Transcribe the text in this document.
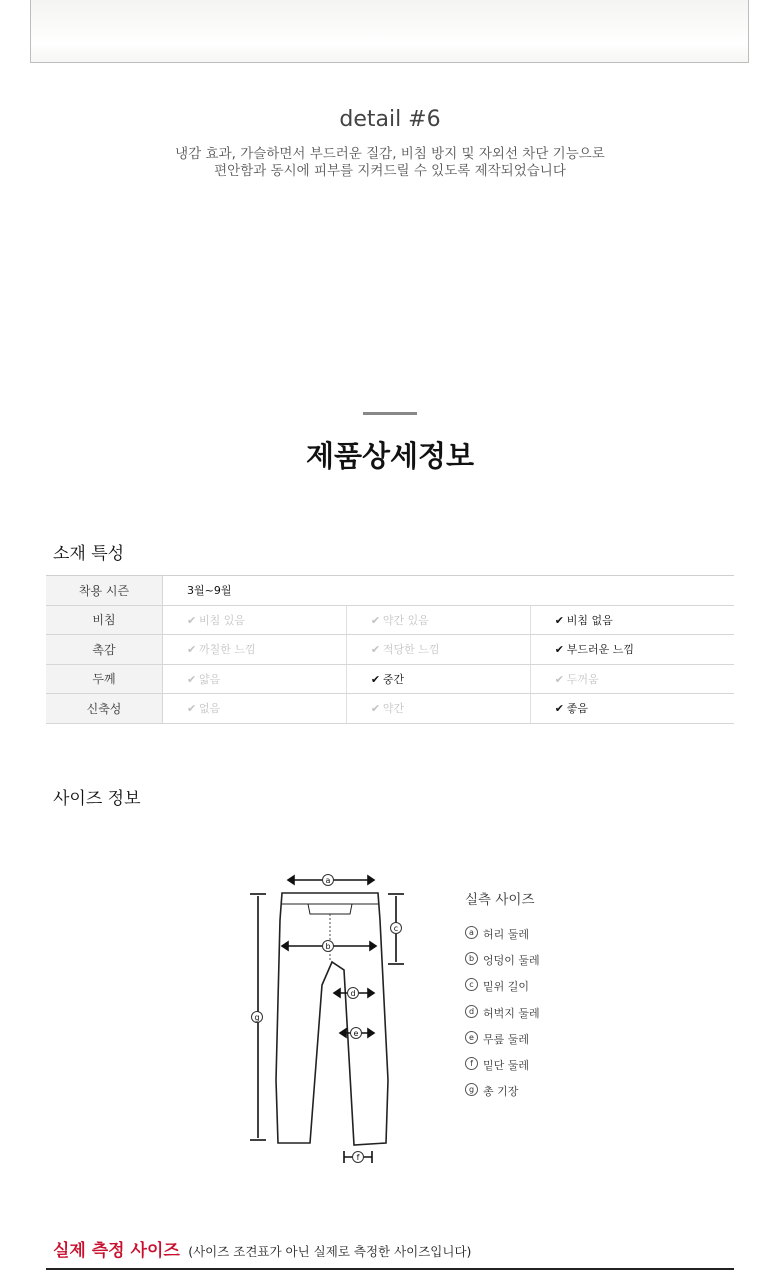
detail #6
냉감 효과, 가슬하면서 부드러운 질감, 비침 방지 및 자외선 차단 기능으로
편안함과 동시에 피부를 지켜드릴 수 있도록 제작되었습니다
제품상세정보
소재 특성
착용 시즌	3월~9월		
비침	✔ 비침 있음	✔ 약간 있음	✔ 비침 없음
촉감	✔ 까칠한 느낌	✔ 적당한 느낌	✔ 부드러운 느낌
두께	✔ 얇음	✔ 중간	✔ 두꺼움
신축성	✔ 없음	✔ 약간	✔ 좋음
사이즈 정보
a
b
c
d
e
f
g
실측 사이즈
a 허리 둘레
b 엉덩이 둘레
c 밑위 길이
d 허벅지 둘레
e 무릎 둘레
f 밑단 둘레
g 총 기장
실제 측정 사이즈 (사이즈 조견표가 아닌 실제로 측정한 사이즈입니다)
